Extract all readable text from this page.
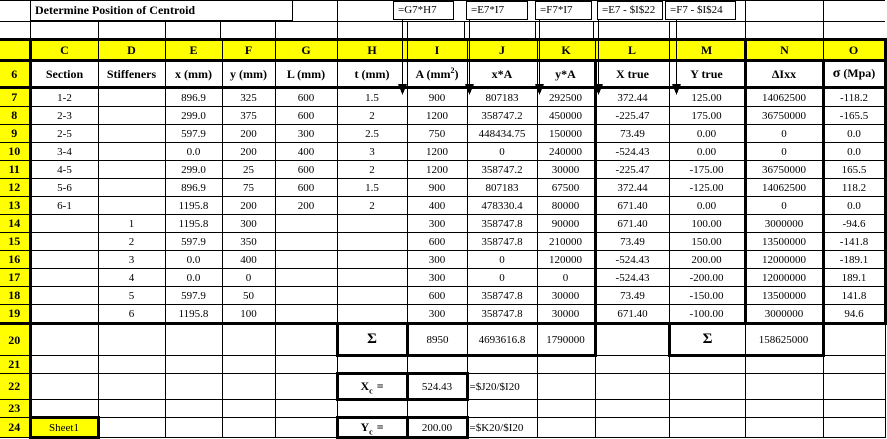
	C	D	E	F	G	H	I	J	K	L	M	N	O
6	Section	Stiffeners	x (mm)	y (mm)	L (mm)	t (mm)	A $(mm^2)$	x*A	y*A	X true	Y true	ΔIxx	σ (Mpa)
7	1-2		896.9	325	600	1.5	900	807183	292500	372.44	125.00	14062500	-118.2
8	2-3		299.0	375	600	2	1200	358747.2	450000	-225.47	175.00	36750000	-165.5
9	2-5		597.9	200	300	2.5	750	448434.75	150000	73.49	0.00	0	0.0
10	3-4		0.0	200	400	3	1200	0	240000	-524.43	0.00	0	0.0
11	4-5		299.0	25	600	2	1200	358747.2	30000	-225.47	-175.00	36750000	165.5
12	5-6		896.9	75	600	1.5	900	807183	67500	372.44	-125.00	14062500	118.2
13	6-1		1195.8	200	200	2	400	478330.4	80000	671.40	0.00	0	0.0
14		1	1195.8	300			300	358747.8	90000	671.40	100.00	3000000	-94.6
15		2	597.9	350			600	358747.8	210000	73.49	150.00	13500000	-141.8
16		3	0.0	400			300	0	120000	-524.43	200.00	12000000	-189.1
17		4	0.0	0			300	0	0	-524.43	-200.00	12000000	189.1
18		5	597.9	50			600	358747.8	30000	73.49	-150.00	13500000	141.8
19		6	1195.8	100			300	358747.8	30000	671.40	-100.00	3000000	94.6
20						Σ	8950	4693616.8	1790000		Σ	158625000	
21													
22						$X_c$ =	524.43	=$J20/$I20					
23													
24	Sheet1					$Y_c$ =	200.00	=$K20/$I20					
Determine Position of Centroid	=G7*H7	=E7*I7	=F7*I7	=E7 - $I$22	=F7 - $I$24
